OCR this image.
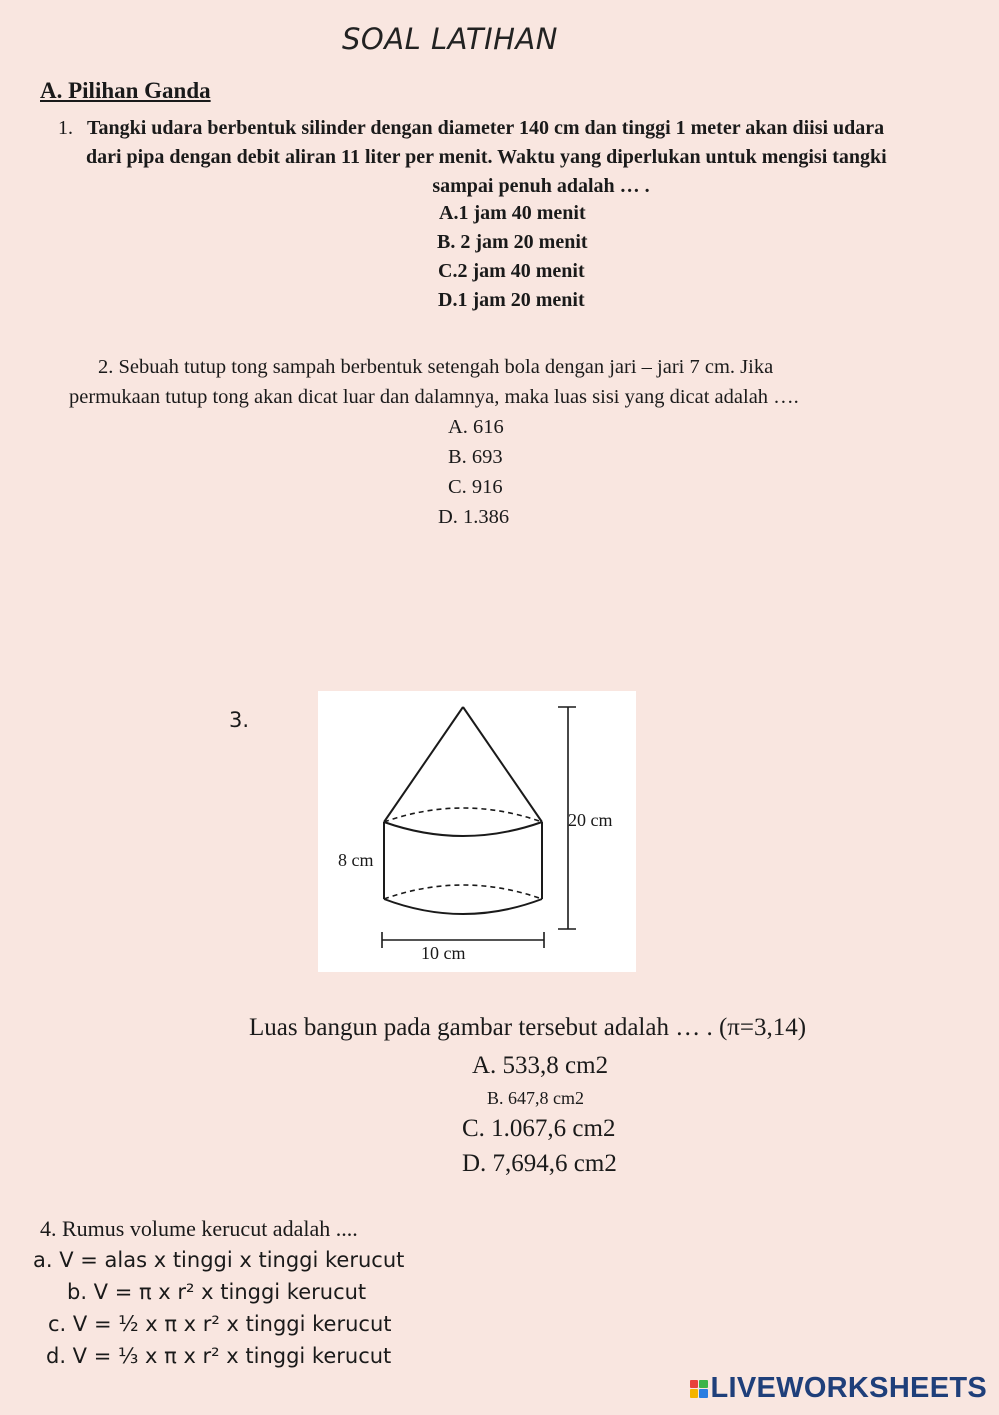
SOAL LATIHAN
A. Pilihan Ganda
1. Tangki udara berbentuk silinder dengan diameter 140 cm dan tinggi 1 meter akan diisi udara
dari pipa dengan debit aliran 11 liter per menit. Waktu yang diperlukan untuk mengisi tangki
sampai penuh adalah … .
A.1 jam 40 menit
B. 2 jam 20 menit
C.2 jam 40 menit
D.1 jam 20 menit
2. Sebuah tutup tong sampah berbentuk setengah bola dengan jari – jari 7 cm. Jika
permukaan tutup tong akan dicat luar dan dalamnya, maka luas sisi yang dicat adalah ….
A. 616
B. 693
C. 916
D. 1.386
3.
20 cm
8 cm
10 cm
Luas bangun pada gambar tersebut adalah … . (π=3,14)
A. 533,8 cm2
B. 647,8 cm2
C. 1.067,6 cm2
D. 7,694,6 cm2
4. Rumus volume kerucut adalah ....
a. V = alas x tinggi x tinggi kerucut
b. V = π x r² x tinggi kerucut
c. V = ½ x π x r² x tinggi kerucut
d. V = ⅓ x π x r² x tinggi kerucut
LIVEWORKSHEETS
